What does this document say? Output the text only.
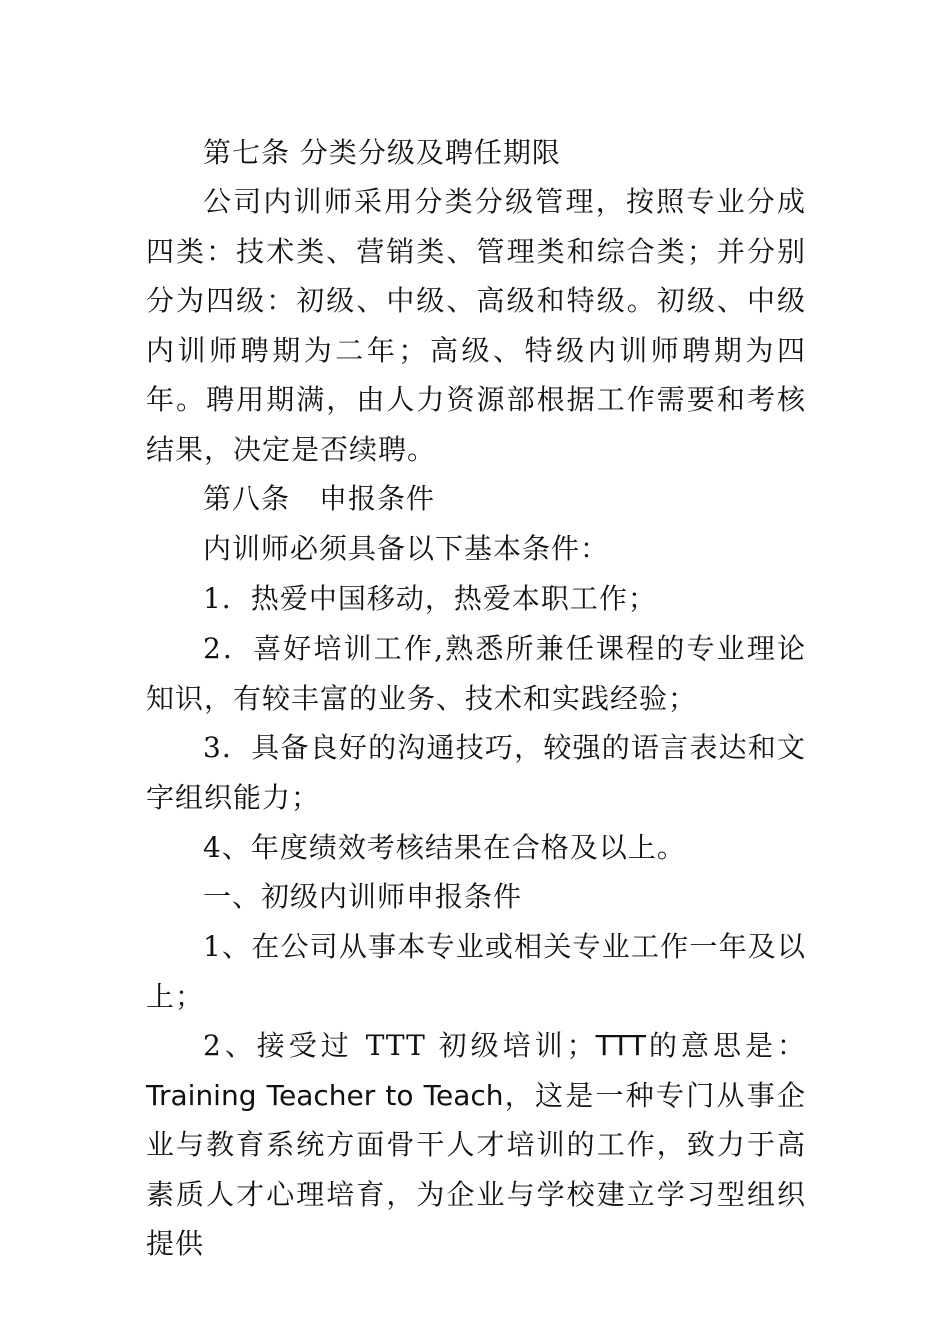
第七条 分类分级及聘任期限
公司内训师采用分类分级管理，按照专业分成四类：技术类、营销类、管理类和综合类；并分别分为四级：初级、中级、高级和特级。初级、中级内训师聘期为二年；高级、特级内训师聘期为四年。聘用期满，由人力资源部根据工作需要和考核结果，决定是否续聘。
第八条　申报条件
内训师必须具备以下基本条件：
1．热爱中国移动，热爱本职工作；
2．喜好培训工作,熟悉所兼任课程的专业理论知识，有较丰富的业务、技术和实践经验；
3．具备良好的沟通技巧，较强的语言表达和文字组织能力；
4、年度绩效考核结果在合格及以上。
一、初级内训师申报条件
1、在公司从事本专业或相关专业工作一年及以上；
2、接受过 TTT 初级培训；TTT的意思是：Training Teacher to Teach，这是一种专门从事企业与教育系统方面骨干人才培训的工作，致力于高素质人才心理培育，为企业与学校建立学习型组织提供
